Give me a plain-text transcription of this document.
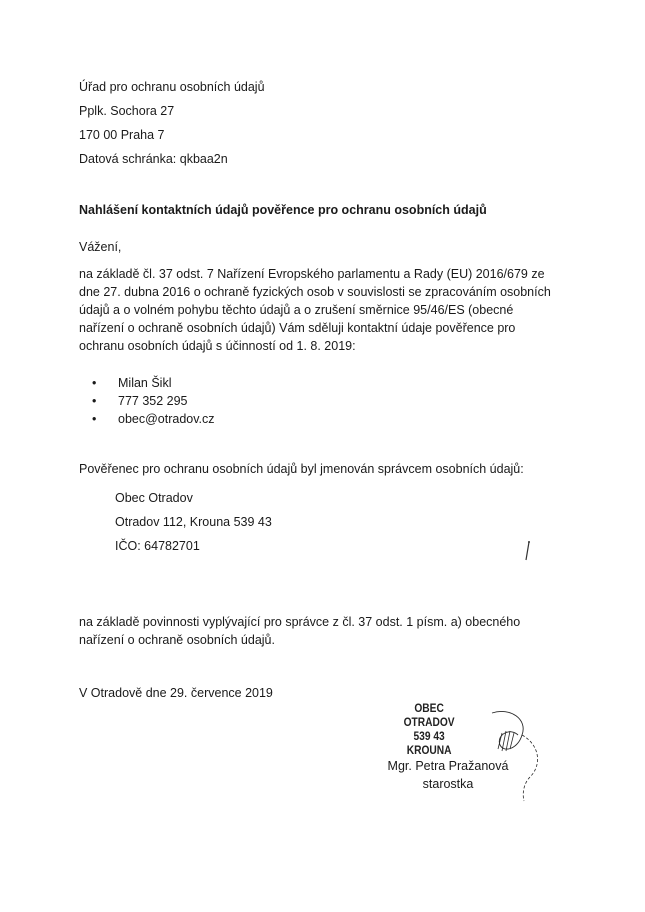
Úřad pro ochranu osobních údajů
Pplk. Sochora 27
170 00 Praha 7
Datová schránka: qkbaa2n
Nahlášení kontaktních údajů pověřence pro ochranu osobních údajů
Vážení,
na základě čl. 37 odst. 7 Nařízení Evropského parlamentu a Rady (EU) 2016/679 ze
dne 27. dubna 2016 o ochraně fyzických osob v souvislosti se zpracováním osobních
údajů a o volném pohybu těchto údajů a o zrušení směrnice 95/46/ES (obecné
nařízení o ochraně osobních údajů) Vám sděluji kontaktní údaje pověřence pro
ochranu osobních údajů s účinností od 1. 8. 2019:
• Milan Šikl
• 777 352 295
• obec@otradov.cz
Pověřenec pro ochranu osobních údajů byl jmenován správcem osobních údajů:
Obec Otradov
Otradov 112, Krouna 539 43
IČO: 64782701
na základě povinnosti vyplývající pro správce z čl. 37 odst. 1 písm. a) obecného
nařízení o ochraně osobních údajů.
V Otradově dne 29. července 2019
OBEC
OTRADOV
539 43 KROUNA
Mgr. Petra Pražanová
starostka
